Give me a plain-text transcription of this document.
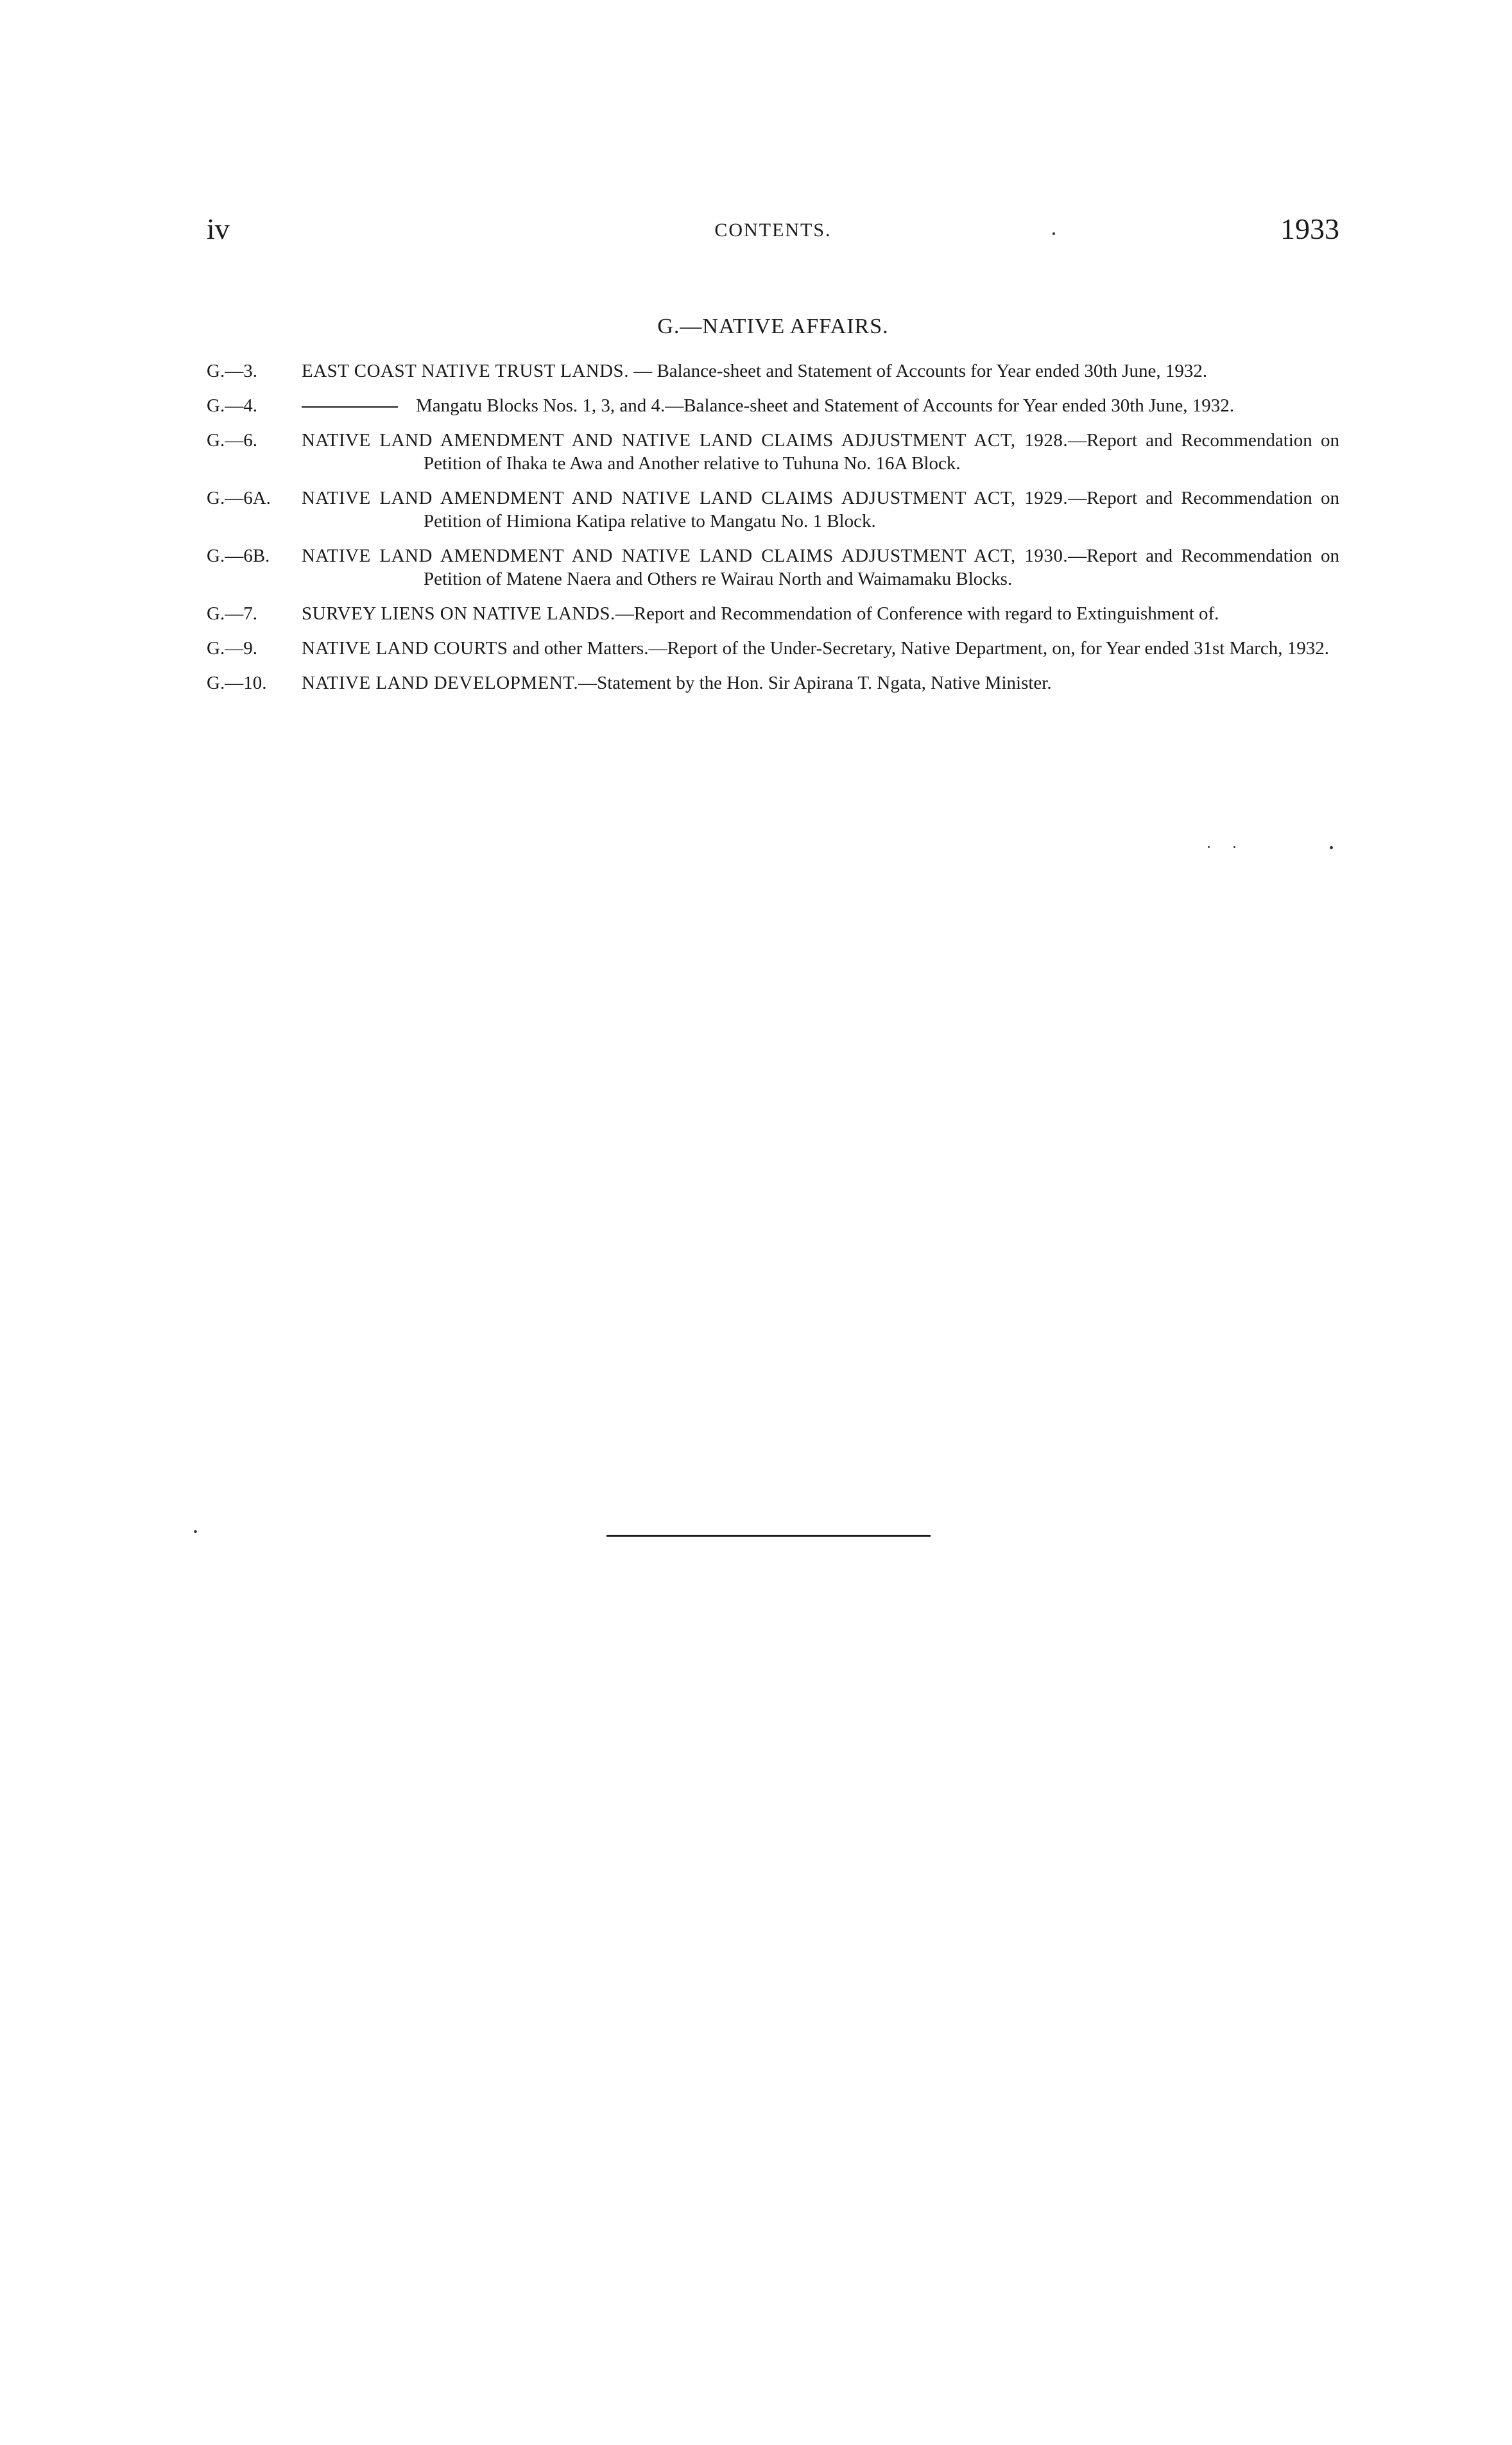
iv	CONTENTS.	1933
G.—NATIVE AFFAIRS.
G.—3.	EAST COAST NATIVE TRUST LANDS. — Balance-sheet and Statement of Accounts for Year ended 30th June, 1932.
G.—4.	Mangatu Blocks Nos. 1, 3, and 4.—Balance-sheet and Statement of Accounts for Year ended 30th June, 1932.
G.—6.	NATIVE LAND AMENDMENT AND NATIVE LAND CLAIMS ADJUSTMENT ACT, 1928.—Report and Recommendation on Petition of Ihaka te Awa and Another relative to Tuhuna No. 16A Block.
G.—6A.	NATIVE LAND AMENDMENT AND NATIVE LAND CLAIMS ADJUSTMENT ACT, 1929.—Report and Recommendation on Petition of Himiona Katipa relative to Mangatu No. 1 Block.
G.—6B.	NATIVE LAND AMENDMENT AND NATIVE LAND CLAIMS ADJUSTMENT ACT, 1930.—Report and Recommendation on Petition of Matene Naera and Others re Wairau North and Waimamaku Blocks.
G.—7.	SURVEY LIENS ON NATIVE LANDS.—Report and Recommendation of Conference with regard to Extinguishment of.
G.—9.	NATIVE LAND COURTS and other Matters.—Report of the Under-Secretary, Native Department, on, for Year ended 31st March, 1932.
G.—10.	NATIVE LAND DEVELOPMENT.—Statement by the Hon. Sir Apirana T. Ngata, Native Minister.
